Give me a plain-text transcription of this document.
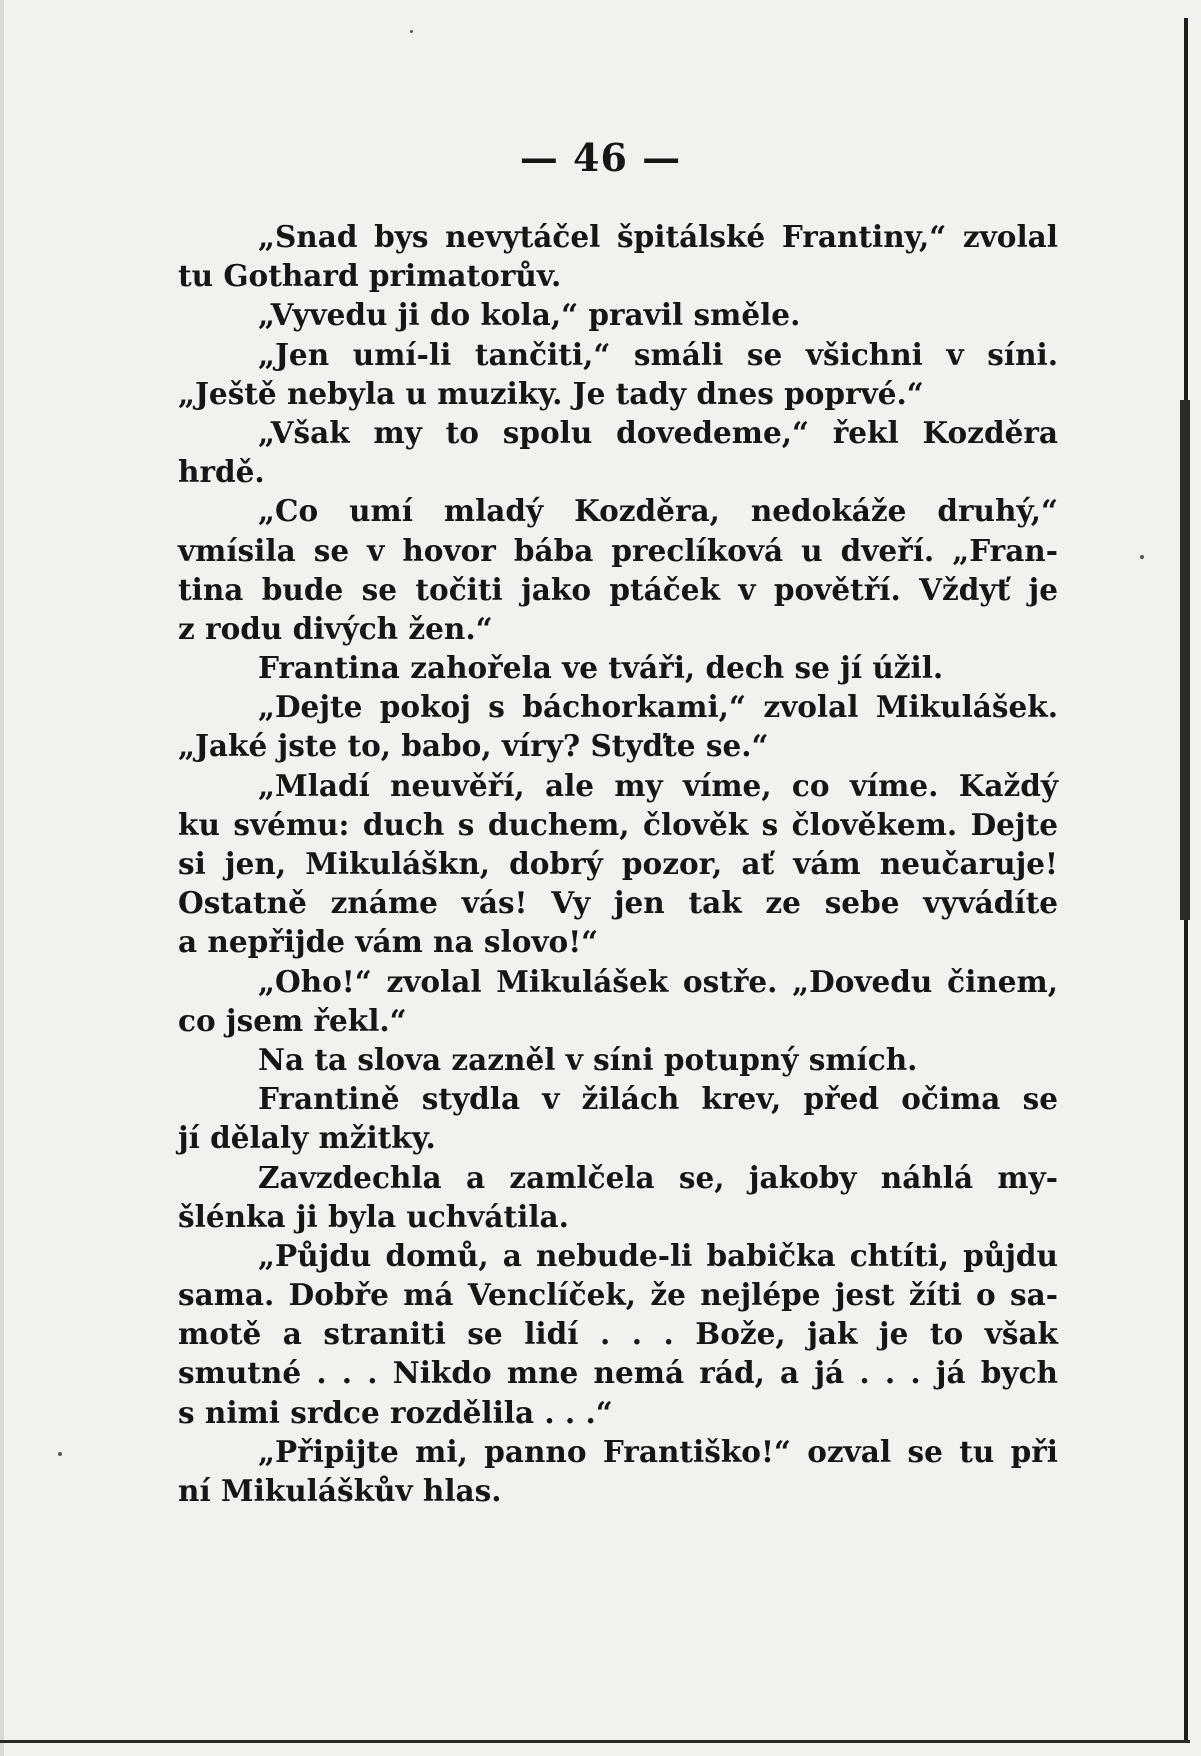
— 46 —
„Snad bys nevytáčel špitálské Frantiny,“ zvolal
tu Gothard primatorův.
„Vyvedu ji do kola,“ pravil směle.
„Jen umí-li tančiti,“ smáli se všichni v síni.
„Ještě nebyla u muziky. Je tady dnes poprvé.“
„Však my to spolu dovedeme,“ řekl Kozděra
hrdě.
„Co umí mladý Kozděra, nedokáže druhý,“
vmísila se v hovor bába preclíková u dveří. „Fran-
tina bude se točiti jako ptáček v povětří. Vždyť je
z rodu divých žen.“
Frantina zahořela ve tváři, dech se jí úžil.
„Dejte pokoj s báchorkami,“ zvolal Mikulášek.
„Jaké jste to, babo, víry? Styďte se.“
„Mladí neuvěří, ale my víme, co víme. Každý
ku svému: duch s duchem, člověk s člověkem. Dejte
si jen, Mikuláškn, dobrý pozor, ať vám neučaruje!
Ostatně známe vás! Vy jen tak ze sebe vyvádíte
a nepřijde vám na slovo!“
„Oho!“ zvolal Mikulášek ostře. „Dovedu činem,
co jsem řekl.“
Na ta slova zazněl v síni potupný smích.
Frantině stydla v žilách krev, před očima se
jí dělaly mžitky.
Zavzdechla a zamlčela se, jakoby náhlá my-
šlénka ji byla uchvátila.
„Půjdu domů, a nebude-li babička chtíti, půjdu
sama. Dobře má Venclíček, že nejlépe jest žíti o sa-
motě a straniti se lidí . . . Bože, jak je to však
smutné . . . Nikdo mne nemá rád, a já . . . já bych
s nimi srdce rozdělila . . .“
„Připijte mi, panno Františko!“ ozval se tu při
ní Mikuláškův hlas.
